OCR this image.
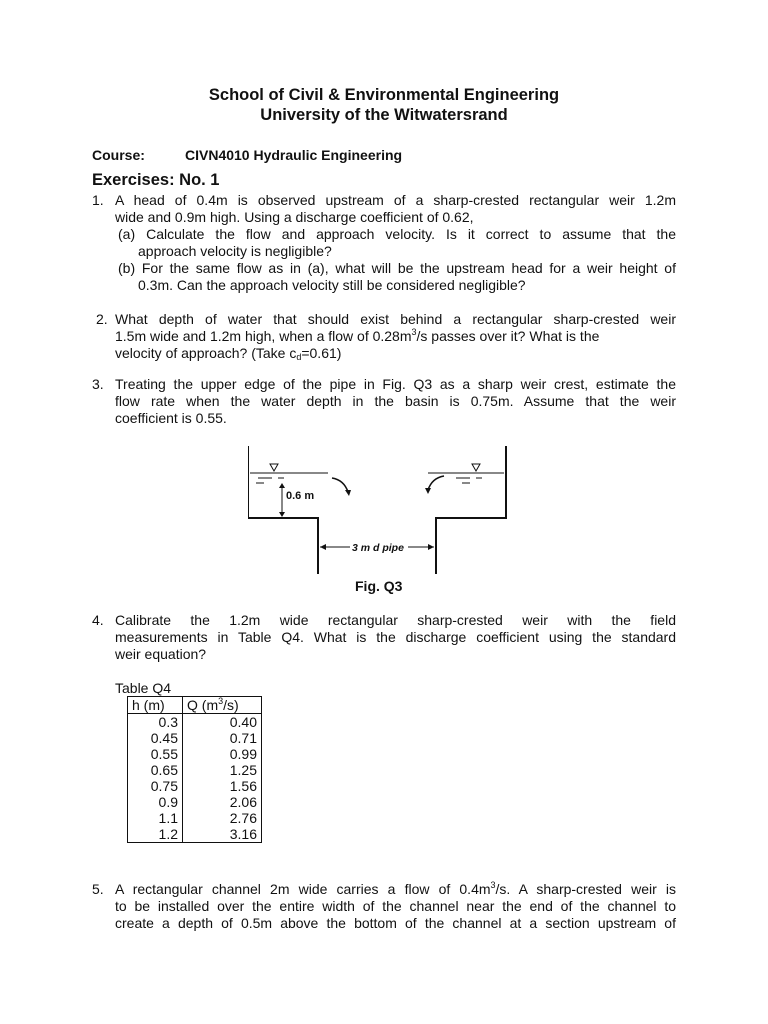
School of Civil & Environmental Engineering
University of the Witwatersrand
Course:	CIVN4010 Hydraulic Engineering
Exercises: No. 1
1. A head of 0.4m is observed upstream of a sharp-crested rectangular weir 1.2m
wide and 0.9m high. Using a discharge coefficient of 0.62,
(a) Calculate the flow and approach velocity. Is it correct to assume that the
approach velocity is negligible?
(b) For the same flow as in (a), what will be the upstream head for a weir height of
0.3m. Can the approach velocity still be considered negligible?
2. What depth of water that should exist behind a rectangular sharp-crested weir
1.5m wide and 1.2m high, when a flow of $0.28m^3/s$ passes over it? What is the
velocity of approach? (Take $c_d=0.61$)
3. Treating the upper edge of the pipe in Fig. Q3 as a sharp weir crest, estimate the
flow rate when the water depth in the basin is 0.75m. Assume that the weir
coefficient is 0.55.
0.6 m
3 m d pipe
Fig. Q3
4. Calibrate the 1.2m wide rectangular sharp-crested weir with the field
measurements in Table Q4. What is the discharge coefficient using the standard
weir equation?
Table Q4
h (m)	Q $(m^3/s)$
0.3	0.40
0.45	0.71
0.55	0.99
0.65	1.25
0.75	1.56
0.9	2.06
1.1	2.76
1.2	3.16
5. A rectangular channel 2m wide carries a flow of $0.4m^3/s$. A sharp-crested weir is
to be installed over the entire width of the channel near the end of the channel to
create a depth of 0.5m above the bottom of the channel at a section upstream of
